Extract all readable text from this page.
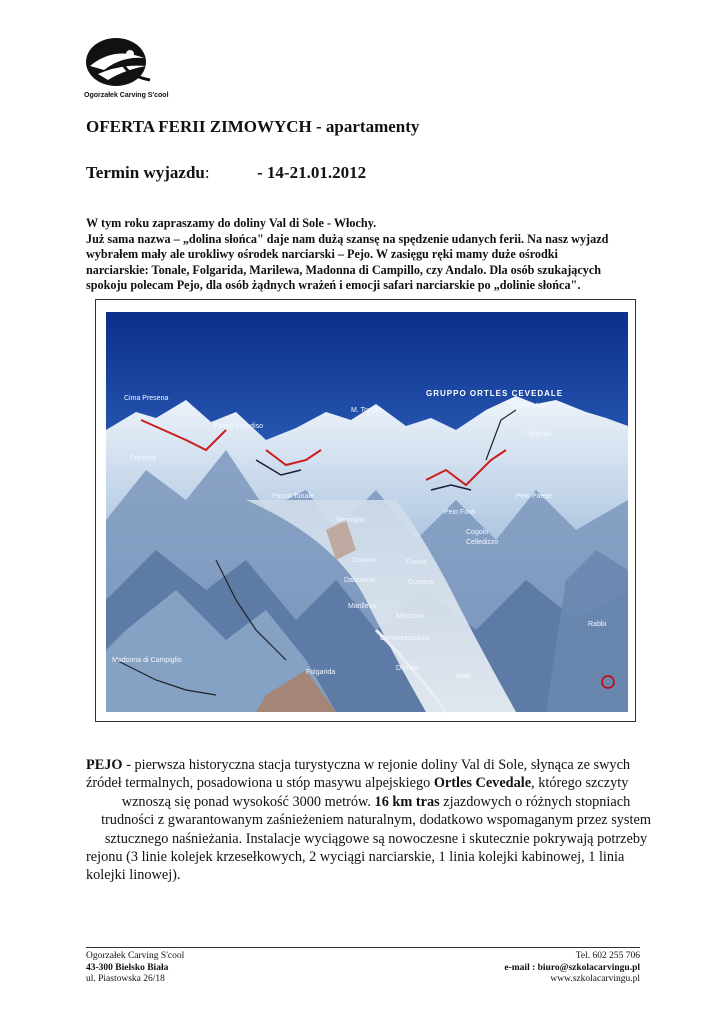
Ogorzałek Carving S'cool
OFERTA FERII ZIMOWYCH - apartamenty
Termin wyjazdu:	- 14-21.01.2012

W tym roku zapraszamy do doliny Val di Sole - Włochy.
Już sama nazwa – „dolina słońca" daje nam dużą szansę na spędzenie udanych ferii. Na nasz wyjazd
wybrałem mały ale urokliwy ośrodek narciarski – Pejo. W zasięgu ręki mamy duże ośrodki
narciarskie: Tonale, Folgarida, Marilewa, Madonna di Campillo, czy Andalo. Dla osób szukających
spokoju polecam Pejo, dla osób żądnych wrażeń i emocji safari narciarskie po „dolinie słońca".

GRUPPO ORTLES CEVEDALE
Cima Presena
Passo Paradiso
Presena
M. Tonale
Monte Vioz
Tarlenta
Passo Tonale
Vermiglio
Peio Paese
Peio Fonti
Cogolo
Celledizzo
Ossana	Fucine
Dalizzano	Cusiano
Marilleva
Mezzana
Commezzadura
Dimaro
Malè
Rabbi
Madonna di Campiglio
Folgarida

PEJO - pierwsza historyczna stacja turystyczna w rejonie doliny Val di Sole, słynąca ze swych
źródeł termalnych, posadowiona u stóp masywu alpejskiego Ortles Cevedale, którego szczyty
wznoszą się ponad wysokość 3000 metrów. 16 km tras zjazdowych o różnych stopniach
trudności z gwarantowanym zaśnieżeniem naturalnym, dodatkowo wspomaganym przez system
sztucznego naśnieżania. Instalacje wyciągowe są nowoczesne i skutecznie pokrywają potrzeby
rejonu (3 linie kolejek krzesełkowych, 2 wyciągi narciarskie, 1 linia kolejki kabinowej, 1 linia
kolejki linowej).

Ogorzałek Carving S'cool
43-300 Bielsko Biała
ul. Piastowska 26/18
Tel. 602 255 706
e-mail : biuro@szkolacarvingu.pl
www.szkolacarvingu.pl
